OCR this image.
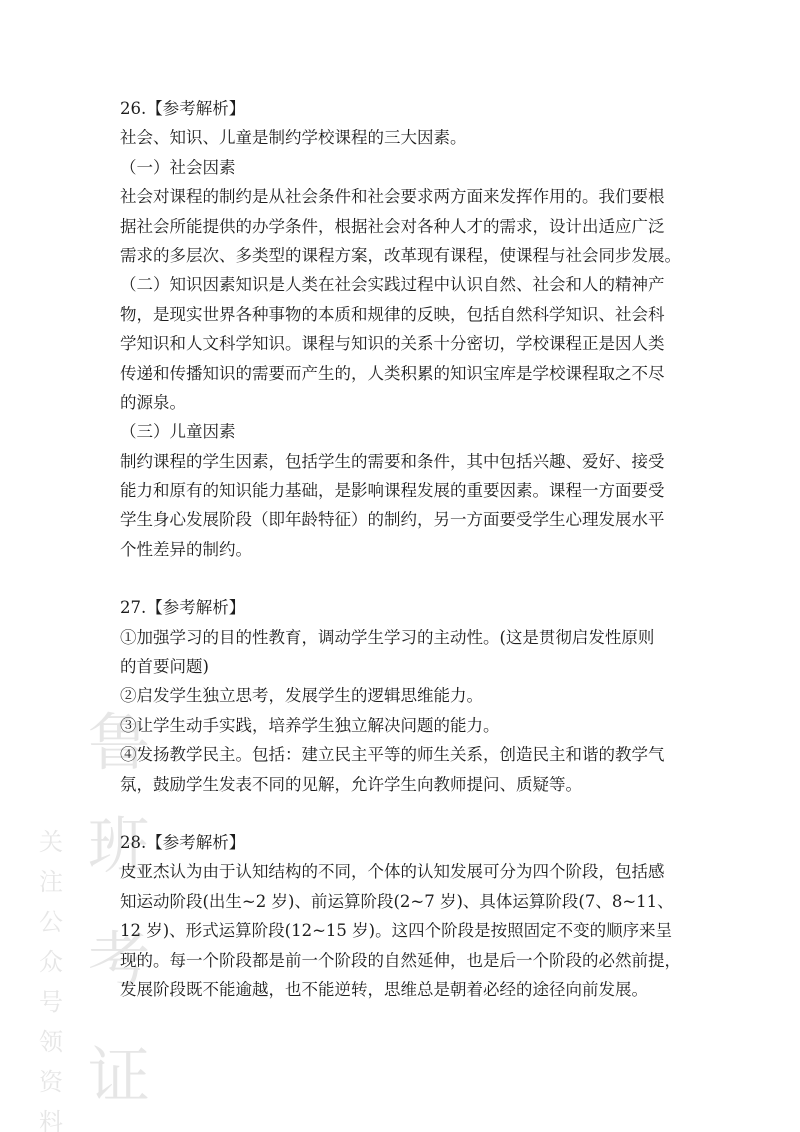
鲁
班
考
证
关
注
公
众
号
领
资
料
26.【参考解析】
社会、知识、儿童是制约学校课程的三大因素。
（一）社会因素
社会对课程的制约是从社会条件和社会要求两方面来发挥作用的。我们要根
据社会所能提供的办学条件，根据社会对各种人才的需求，设计出适应广泛
需求的多层次、多类型的课程方案，改革现有课程，使课程与社会同步发展。
（二）知识因素知识是人类在社会实践过程中认识自然、社会和人的精神产
物，是现实世界各种事物的本质和规律的反映，包括自然科学知识、社会科
学知识和人文科学知识。课程与知识的关系十分密切，学校课程正是因人类
传递和传播知识的需要而产生的，人类积累的知识宝库是学校课程取之不尽
的源泉。
（三）儿童因素
制约课程的学生因素，包括学生的需要和条件，其中包括兴趣、爱好、接受
能力和原有的知识能力基础，是影响课程发展的重要因素。课程一方面要受
学生身心发展阶段（即年龄特征）的制约，另一方面要受学生心理发展水平
个性差异的制约。
27.【参考解析】
①加强学习的目的性教育，调动学生学习的主动性。(这是贯彻启发性原则
的首要问题)
②启发学生独立思考，发展学生的逻辑思维能力。
③让学生动手实践，培养学生独立解决问题的能力。
④发扬教学民主。包括：建立民主平等的师生关系，创造民主和谐的教学气
氛，鼓励学生发表不同的见解，允许学生向教师提问、质疑等。
28.【参考解析】
皮亚杰认为由于认知结构的不同，个体的认知发展可分为四个阶段，包括感
知运动阶段(出生~2 岁)、前运算阶段(2~7 岁)、具体运算阶段(7、8~11、
12 岁)、形式运算阶段(12~15 岁)。这四个阶段是按照固定不变的顺序来呈
现的。每一个阶段都是前一个阶段的自然延伸，也是后一个阶段的必然前提，
发展阶段既不能逾越，也不能逆转，思维总是朝着必经的途径向前发展。
